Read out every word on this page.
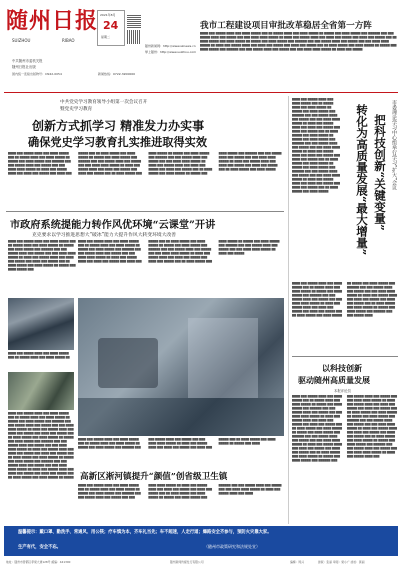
随州日报
SUIZHOU	RIBAO
中共随州市委机关报
随州日报社出版
国内统一连续出版物号：CN42-0054
2021年8月
24
星期二
随州新闻网：http://www.sznews.cn
掌上随州：http://www.suizhou.com
新闻热线：0722-3200000
我市工程建设项目审批改革稳居全省第一方阵

▇▇▇▇ ▇▇▇ ▇▇▇▇▇ ▇▇▇▇ ▇▇▇ ▇▇▇▇ ▇▇▇▇▇ ▇▇▇ ▇▇ ▇▇▇▇▇ ▇▇▇▇ ▇▇▇ ▇▇▇▇ ▇▇▇▇▇ ▇▇ ▇▇▇▇▇ ▇▇▇ ▇▇▇▇ ▇▇▇▇▇ ▇▇▇ ▇▇▇▇▇▇ ▇▇▇ ▇▇▇ ▇▇▇▇▇ ▇▇▇▇ ▇▇▇ ▇▇▇▇▇ ▇▇▇ ▇▇▇ ▇▇▇▇ ▇▇▇▇ ▇▇▇▇▇ ▇▇ ▇▇▇▇ ▇▇▇ ▇▇▇▇▇ ▇▇▇▇ ▇▇▇ ▇▇▇▇ ▇▇▇ ▇▇▇▇▇ ▇▇▇ ▇▇▇▇ ▇▇▇ ▇▇▇▇▇ ▇▇▇ ▇▇ ▇▇▇▇ ▇▇▇▇▇ ▇▇▇ ▇▇▇▇ ▇▇▇▇▇ ▇▇ ▇▇▇▇▇ ▇▇▇ ▇▇▇▇ ▇▇▇▇▇ ▇▇▇ ▇▇▇▇▇▇ ▇▇▇ ▇▇▇ ▇▇▇▇▇ ▇▇▇▇ ▇▇▇ ▇▇▇▇▇ ▇▇▇ ▇▇▇ ▇▇▇▇ ▇▇▇▇ ▇▇▇▇▇ ▇▇ ▇▇▇▇ ▇▇▇ ▇▇▇▇▇ ▇▇▇▇ ▇▇▇ ▇▇▇▇ ▇▇▇ ▇▇▇▇▇ ▇▇▇ ▇▇▇▇ ▇▇▇ ▇▇▇▇▇ ▇▇▇ ▇▇ ▇▇▇▇ ▇▇▇▇▇ ▇▇▇ ▇▇▇▇ ▇▇▇▇▇ ▇▇ ▇▇▇▇▇ ▇▇▇ ▇▇▇▇ ▇▇▇▇▇ ▇▇▇ ▇▇▇▇▇▇ ▇▇▇ ▇▇▇ ▇▇▇▇▇ ▇▇▇▇ ▇▇▇ ▇▇▇▇▇ ▇▇▇ ▇▇▇ ▇▇▇▇ ▇▇▇▇ ▇▇▇▇▇ ▇▇ ▇▇▇▇ ▇▇▇ ▇▇▇▇▇

中共党史学习教育领导小组第一次会议召开
暨党史学习教育
创新方式抓学习 精准发力办实事
确保党史学习教育扎实推进取得实效

▇▇▇▇ ▇▇▇ ▇▇▇▇▇ ▇▇▇▇ ▇▇▇ ▇▇▇▇ ▇▇▇▇▇ ▇▇▇ ▇▇ ▇▇▇▇▇ ▇▇▇▇ ▇▇▇ ▇▇▇▇ ▇▇▇▇▇ ▇▇ ▇▇▇▇▇ ▇▇▇ ▇▇▇▇ ▇▇▇▇▇ ▇▇▇ ▇▇▇▇▇▇ ▇▇▇ ▇▇▇ ▇▇▇▇▇ ▇▇▇▇ ▇▇▇ ▇▇▇▇▇ ▇▇▇ ▇▇▇ ▇▇▇▇ ▇▇▇▇ ▇▇▇▇▇ ▇▇ ▇▇▇▇ ▇▇▇ ▇▇▇▇▇ ▇▇▇▇ ▇▇▇ ▇▇▇▇ ▇▇▇ ▇▇▇▇▇ ▇▇▇ ▇▇▇▇ ▇▇▇ ▇▇▇▇▇ ▇▇▇ ▇▇ ▇▇▇▇ ▇▇▇▇▇ ▇▇▇ ▇▇▇▇ ▇▇▇▇▇ ▇▇ ▇▇▇▇▇ ▇▇▇ ▇▇▇▇ ▇▇▇▇▇ ▇▇▇ ▇▇▇▇▇▇ ▇▇▇ ▇▇▇ ▇▇▇▇▇ ▇▇▇▇ ▇▇▇ ▇▇▇▇▇ ▇▇▇ ▇▇▇ ▇▇▇▇ ▇▇▇▇ ▇▇▇▇▇ ▇▇ ▇▇▇▇ ▇▇▇ ▇▇▇▇▇ ▇▇▇▇ ▇▇▇ ▇▇▇▇ ▇▇▇ ▇▇▇▇▇ ▇▇▇ ▇▇▇▇ ▇▇▇ ▇▇▇▇▇ ▇▇▇ ▇▇ ▇▇▇▇ ▇▇▇▇▇ ▇▇▇ ▇▇▇▇ ▇▇▇▇▇ ▇▇ ▇▇▇▇▇ ▇▇▇ ▇▇▇▇ ▇▇▇▇▇ ▇▇▇ ▇▇▇▇▇▇ ▇▇▇ ▇▇▇ ▇▇▇▇▇ ▇▇▇▇ ▇▇▇ ▇▇▇▇▇ ▇▇▇ ▇▇▇ ▇▇▇▇ ▇▇▇▇ ▇▇▇▇▇ ▇▇ ▇▇▇▇ ▇▇▇ ▇▇▇▇▇ ▇▇▇▇ ▇▇▇ ▇▇▇▇ ▇▇▇ ▇▇▇▇▇ ▇▇▇ ▇▇▇▇ ▇▇▇ ▇▇▇▇▇ ▇▇▇ ▇▇ ▇▇▇▇ ▇▇▇▇▇ ▇▇▇ ▇▇▇▇ ▇▇▇▇▇ ▇▇ ▇▇▇▇▇ ▇▇▇ ▇▇▇▇ ▇▇▇▇▇ ▇▇▇ ▇▇▇▇▇▇ ▇▇▇ ▇▇▇ ▇▇▇▇▇ ▇▇▇▇ ▇▇▇ ▇▇▇▇▇ ▇▇▇ ▇▇▇ ▇▇▇▇ ▇▇▇▇ ▇▇▇▇▇ ▇▇ ▇▇▇▇ ▇▇▇ ▇▇▇▇▇ ▇▇▇▇ ▇▇▇ ▇▇▇▇ ▇▇▇ ▇▇▇▇▇ ▇▇▇ ▇▇▇▇ ▇▇▇ ▇▇▇▇▇ ▇▇▇ ▇▇ ▇▇▇▇ ▇▇▇▇▇ ▇▇▇ ▇▇▇▇ ▇▇▇▇▇

市政府系统提能力转作风优环境“云课堂”开讲
克克要求以学习推进思想大“破冰”能力大提升作风大转变环境大改善

▇▇▇▇ ▇▇▇ ▇▇▇▇▇ ▇▇▇▇ ▇▇▇ ▇▇▇▇ ▇▇▇▇▇ ▇▇▇ ▇▇ ▇▇▇▇▇ ▇▇▇▇ ▇▇▇ ▇▇▇▇ ▇▇▇▇▇ ▇▇ ▇▇▇▇▇ ▇▇▇ ▇▇▇▇ ▇▇▇▇▇ ▇▇▇ ▇▇▇▇▇▇ ▇▇▇ ▇▇▇ ▇▇▇▇▇ ▇▇▇▇ ▇▇▇ ▇▇▇▇▇ ▇▇▇ ▇▇▇ ▇▇▇▇ ▇▇▇▇ ▇▇▇▇▇ ▇▇ ▇▇▇▇ ▇▇▇ ▇▇▇▇▇ ▇▇▇▇ ▇▇▇ ▇▇▇▇ ▇▇▇ ▇▇▇▇▇ ▇▇▇ ▇▇▇▇ ▇▇▇ ▇▇▇▇▇ ▇▇▇ ▇▇ ▇▇▇▇ ▇▇▇▇▇ ▇▇▇ ▇▇▇▇ ▇▇▇▇▇ ▇▇ ▇▇▇▇▇ ▇▇▇ ▇▇▇▇ ▇▇▇▇▇ ▇▇▇

▇▇▇▇ ▇▇▇ ▇▇▇▇▇ ▇▇▇▇ ▇▇▇ ▇▇▇▇ ▇▇▇▇▇ ▇▇▇ ▇▇ ▇▇▇▇▇ ▇▇▇▇ ▇▇▇ ▇▇▇▇ ▇▇▇▇▇ ▇▇ ▇▇▇▇▇ ▇▇▇ ▇▇▇▇ ▇▇▇▇▇ ▇▇▇ ▇▇▇▇▇▇ ▇▇▇ ▇▇▇ ▇▇▇▇▇ ▇▇▇▇ ▇▇▇ ▇▇▇▇▇ ▇▇▇ ▇▇▇ ▇▇▇▇ ▇▇▇▇ ▇▇▇▇▇ ▇▇ ▇▇▇▇ ▇▇▇ ▇▇▇▇▇ ▇▇▇▇ ▇▇▇ ▇▇▇▇ ▇▇▇ ▇▇▇▇▇ ▇▇▇ ▇▇▇▇ ▇▇▇ ▇▇▇▇▇ ▇▇▇ ▇▇ ▇▇▇▇ ▇▇▇▇▇ ▇▇▇ ▇▇▇▇ ▇▇▇▇▇ ▇▇ ▇▇▇▇▇ ▇▇▇ ▇▇▇▇ ▇▇▇▇▇ ▇▇▇ ▇▇▇▇▇▇ ▇▇▇ ▇▇▇ ▇▇▇▇▇ ▇▇▇▇ ▇▇▇ ▇▇▇▇▇ ▇▇▇ ▇▇▇ ▇▇▇▇ ▇▇▇▇ ▇▇▇▇▇ ▇▇ ▇▇▇▇ ▇▇▇ ▇▇▇▇▇ ▇▇▇▇ ▇▇▇ ▇▇▇▇ ▇▇▇ ▇▇▇▇▇ ▇▇▇ ▇▇▇▇ ▇▇▇ ▇▇▇▇▇ ▇▇▇ ▇▇ ▇▇▇▇ ▇▇▇▇▇ ▇▇▇ ▇▇▇▇ ▇▇▇▇▇ ▇▇ ▇▇▇▇▇ ▇▇▇ ▇▇▇▇ ▇▇▇▇▇ ▇▇▇ ▇▇▇▇▇▇ ▇▇▇ ▇▇▇ ▇▇▇▇▇ ▇▇▇▇ ▇▇▇ ▇▇▇▇▇ ▇▇▇ ▇▇▇ ▇▇▇▇ ▇▇▇▇ ▇▇▇▇▇ ▇▇ ▇▇▇▇ ▇▇▇ ▇▇▇▇▇

▇▇▇▇ ▇▇▇ ▇▇▇▇▇ ▇▇▇▇ ▇▇▇ ▇▇▇▇ ▇▇▇▇▇ ▇▇▇ ▇▇ ▇▇▇▇▇ ▇▇▇▇ ▇▇▇ ▇▇▇▇ ▇▇▇▇▇ ▇▇

▇▇▇▇ ▇▇▇ ▇▇▇▇▇ ▇▇▇▇ ▇▇▇ ▇▇▇▇ ▇▇▇▇▇ ▇▇▇ ▇▇ ▇▇▇▇▇ ▇▇▇▇ ▇▇▇ ▇▇▇▇ ▇▇▇▇▇ ▇▇ ▇▇▇▇▇ ▇▇▇ ▇▇▇▇ ▇▇▇▇▇ ▇▇▇ ▇▇▇▇▇▇ ▇▇▇ ▇▇▇ ▇▇▇▇▇ ▇▇▇▇ ▇▇▇ ▇▇▇▇▇ ▇▇▇ ▇▇▇ ▇▇▇▇ ▇▇▇▇ ▇▇▇▇▇ ▇▇ ▇▇▇▇ ▇▇▇ ▇▇▇▇▇ ▇▇▇▇ ▇▇▇ ▇▇▇▇ ▇▇▇ ▇▇▇▇▇ ▇▇▇ ▇▇▇▇ ▇▇▇ ▇▇▇▇▇ ▇▇▇ ▇▇ ▇▇▇▇ ▇▇▇▇▇ ▇▇▇ ▇▇▇▇ ▇▇▇▇▇ ▇▇ ▇▇▇▇▇ ▇▇▇ ▇▇▇▇ ▇▇▇▇▇ ▇▇▇ ▇▇▇▇▇▇ ▇▇▇ ▇▇▇ ▇▇▇▇▇ ▇▇▇▇ ▇▇▇ ▇▇▇▇▇ ▇▇▇ ▇▇▇ ▇▇▇▇ ▇▇▇▇ ▇▇▇▇▇ ▇▇ ▇▇▇▇ ▇▇▇ ▇▇▇▇▇ ▇▇▇▇ ▇▇▇ ▇▇▇▇ ▇▇▇ ▇▇▇▇▇ ▇▇▇ ▇▇▇▇ ▇▇▇ ▇▇▇▇▇ ▇▇▇ ▇▇ ▇▇▇▇ ▇▇▇▇▇ ▇▇▇ ▇▇▇▇ ▇▇▇▇▇ ▇▇ ▇▇▇▇▇ ▇▇▇ ▇▇▇▇ ▇▇▇▇▇ ▇▇▇ ▇▇▇▇▇▇ ▇▇▇ ▇▇▇ ▇▇▇▇▇ ▇▇▇▇ ▇▇▇ ▇▇▇▇▇ ▇▇▇ ▇▇▇ ▇▇▇▇ ▇▇▇▇ ▇▇▇▇▇ ▇▇ ▇▇▇▇ ▇▇▇ ▇▇▇▇▇ ▇▇▇▇ ▇▇▇ ▇▇▇▇ ▇▇▇ ▇▇▇▇▇ ▇▇▇ ▇▇▇▇ ▇▇▇ ▇▇▇▇▇ ▇▇▇ ▇▇ ▇▇▇▇ ▇▇▇▇▇ ▇▇▇ ▇▇▇▇ ▇▇▇▇▇ ▇▇ ▇▇▇▇▇

▇▇▇▇ ▇▇▇ ▇▇▇▇▇ ▇▇▇▇ ▇▇▇ ▇▇▇▇ ▇▇▇▇▇ ▇▇▇ ▇▇ ▇▇▇▇▇ ▇▇▇▇ ▇▇▇ ▇▇▇▇ ▇▇▇▇▇ ▇▇ ▇▇▇▇▇ ▇▇▇ ▇▇▇▇ ▇▇▇▇▇ ▇▇▇ ▇▇▇▇▇▇ ▇▇▇ ▇▇▇ ▇▇▇▇▇ ▇▇▇▇ ▇▇▇ ▇▇▇▇▇ ▇▇▇ ▇▇▇ ▇▇▇▇ ▇▇▇▇ ▇▇▇▇▇ ▇▇ ▇▇▇▇ ▇▇▇ ▇▇▇▇▇ ▇▇▇▇ ▇▇▇ ▇▇▇▇ ▇▇▇ ▇▇▇▇▇ ▇▇▇ ▇▇▇▇ ▇▇▇ ▇▇▇▇▇ ▇▇▇ ▇▇ ▇▇▇▇ ▇▇▇▇▇ ▇▇▇ ▇▇▇▇ ▇▇▇▇▇ ▇▇ ▇▇▇▇▇ ▇▇▇ ▇▇▇▇

高新区淅河镇提升“颜值”创省级卫生镇

▇▇▇▇ ▇▇▇ ▇▇▇▇▇ ▇▇▇▇ ▇▇▇ ▇▇▇▇ ▇▇▇▇▇ ▇▇▇ ▇▇ ▇▇▇▇▇ ▇▇▇▇ ▇▇▇ ▇▇▇▇ ▇▇▇▇▇ ▇▇ ▇▇▇▇▇ ▇▇▇ ▇▇▇▇ ▇▇▇▇▇ ▇▇▇ ▇▇▇▇▇▇ ▇▇▇ ▇▇▇ ▇▇▇▇▇ ▇▇▇▇ ▇▇▇ ▇▇▇▇▇ ▇▇▇ ▇▇▇ ▇▇▇▇ ▇▇▇▇ ▇▇▇▇▇ ▇▇ ▇▇▇▇ ▇▇▇ ▇▇▇▇▇ ▇▇▇▇ ▇▇▇ ▇▇▇▇ ▇▇▇ ▇▇▇▇▇ ▇▇▇ ▇▇▇▇ ▇▇▇ ▇▇▇▇▇ ▇▇▇ ▇▇ ▇▇▇▇ ▇▇▇▇▇ ▇▇▇ ▇▇▇▇ ▇▇▇▇▇ ▇▇ ▇▇▇▇▇ ▇▇▇ ▇▇▇▇ ▇▇▇▇▇ ▇▇▇ ▇▇▇▇▇▇ ▇▇▇ ▇▇▇ ▇▇▇▇▇ ▇▇▇▇ ▇▇▇ ▇▇▇▇▇ ▇▇▇ ▇▇▇ ▇▇▇▇ ▇▇▇▇ ▇▇▇▇▇ ▇▇ ▇▇▇▇ ▇▇▇ ▇▇▇▇▇ ▇▇▇▇ ▇▇▇ ▇▇▇▇

▇▇▇▇ ▇▇▇ ▇▇▇▇▇ ▇▇▇▇ ▇▇▇ ▇▇▇▇ ▇▇▇▇▇ ▇▇▇ ▇▇ ▇▇▇▇▇ ▇▇▇▇ ▇▇▇ ▇▇▇▇ ▇▇▇▇▇ ▇▇ ▇▇▇▇▇ ▇▇▇ ▇▇▇▇ ▇▇▇▇▇ ▇▇▇ ▇▇▇▇▇▇ ▇▇▇ ▇▇▇ ▇▇▇▇▇ ▇▇▇▇ ▇▇▇ ▇▇▇▇▇ ▇▇▇ ▇▇▇ ▇▇▇▇ ▇▇▇▇ ▇▇▇▇▇ ▇▇ ▇▇▇▇ ▇▇▇ ▇▇▇▇▇ ▇▇▇▇ ▇▇▇ ▇▇▇▇ ▇▇▇ ▇▇▇▇▇ ▇▇▇ ▇▇▇▇ ▇▇▇ ▇▇▇▇▇ ▇▇▇ ▇▇ ▇▇▇▇ ▇▇▇▇▇ ▇▇▇ ▇▇▇▇ ▇▇▇▇▇ ▇▇ ▇▇▇▇▇ ▇▇▇ ▇▇▇▇ ▇▇▇▇▇ ▇▇▇ ▇▇▇▇▇▇ ▇▇▇ ▇▇▇ ▇▇▇▇▇ ▇▇▇▇ ▇▇▇ ▇▇▇▇▇ ▇▇▇ ▇▇▇ ▇▇▇▇ ▇▇▇▇ ▇▇▇▇▇ ▇▇ ▇▇▇▇ ▇▇▇ ▇▇▇▇▇ ▇▇▇▇ ▇▇▇ ▇▇▇▇ ▇▇▇ ▇▇▇▇▇ ▇▇▇ ▇▇▇▇ ▇▇▇ ▇▇▇▇▇ ▇▇▇ ▇▇ ▇▇▇▇ ▇▇▇▇▇ ▇▇▇ ▇▇▇▇ ▇▇▇▇▇ ▇▇ ▇▇▇▇▇ ▇▇▇ ▇▇▇▇ ▇▇▇▇▇ ▇▇▇ ▇▇▇▇▇▇ ▇▇▇ ▇▇▇ ▇▇▇▇▇ ▇▇▇▇ ▇▇▇ ▇▇▇▇▇ ▇▇▇ ▇▇▇ ▇▇▇▇ ▇▇▇▇ ▇▇▇▇▇ ▇▇ ▇▇▇▇ ▇▇▇ ▇▇▇▇▇ ▇▇▇▇ ▇▇▇ ▇▇▇▇ ▇▇▇ ▇▇▇▇▇ ▇▇▇ ▇▇▇▇ ▇▇▇ ▇▇▇▇▇ ▇▇▇ ▇▇ ▇▇▇▇ ▇▇▇▇▇ ▇▇▇ ▇▇▇▇ ▇▇▇▇▇

市委理论学习中心组举行学习“扩大”会议
把科技创新“关键变量”
转化为高质量发展“最大增量”

▇▇▇▇ ▇▇▇ ▇▇▇▇▇ ▇▇▇▇ ▇▇▇ ▇▇▇▇ ▇▇▇▇▇ ▇▇▇ ▇▇ ▇▇▇▇▇ ▇▇▇▇ ▇▇▇ ▇▇▇▇ ▇▇▇▇▇ ▇▇ ▇▇▇▇▇ ▇▇▇ ▇▇▇▇ ▇▇▇▇▇ ▇▇▇ ▇▇▇▇▇▇ ▇▇▇ ▇▇▇ ▇▇▇▇▇ ▇▇▇▇ ▇▇▇ ▇▇▇▇▇ ▇▇▇ ▇▇▇ ▇▇▇▇ ▇▇▇▇ ▇▇▇▇▇ ▇▇ ▇▇▇▇ ▇▇▇ ▇▇▇▇▇ ▇▇▇▇ ▇▇▇ ▇▇▇▇ ▇▇▇ ▇▇▇▇▇ ▇▇▇ ▇▇▇▇ ▇▇▇ ▇▇▇▇▇ ▇▇▇ ▇▇ ▇▇▇▇ ▇▇▇▇▇ ▇▇▇ ▇▇▇▇ ▇▇▇▇▇ ▇▇ ▇▇▇▇▇ ▇▇▇ ▇▇▇▇ ▇▇▇▇▇ ▇▇▇ ▇▇▇▇▇▇ ▇▇▇ ▇▇▇ ▇▇▇▇▇ ▇▇▇▇ ▇▇▇ ▇▇▇▇▇ ▇▇▇ ▇▇▇ ▇▇▇▇ ▇▇▇▇ ▇▇▇▇▇ ▇▇ ▇▇▇▇ ▇▇▇ ▇▇▇▇▇ ▇▇▇▇ ▇▇▇ ▇▇▇▇ ▇▇▇ ▇▇▇▇▇ ▇▇▇ ▇▇▇▇ ▇▇▇ ▇▇▇▇▇ ▇▇▇ ▇▇ ▇▇▇▇ ▇▇▇▇▇ ▇▇▇ ▇▇▇▇ ▇▇▇▇▇ ▇▇ ▇▇▇▇▇ ▇▇▇ ▇▇▇▇ ▇▇▇▇▇ ▇▇▇ ▇▇▇▇▇▇ ▇▇▇ ▇▇▇ ▇▇▇▇▇ ▇▇▇▇

以科技创新
驱动随州高质量发展
本报评论员

▇▇▇▇ ▇▇▇ ▇▇▇▇▇ ▇▇▇▇ ▇▇▇ ▇▇▇▇ ▇▇▇▇▇ ▇▇▇ ▇▇ ▇▇▇▇▇ ▇▇▇▇ ▇▇▇ ▇▇▇▇ ▇▇▇▇▇ ▇▇ ▇▇▇▇▇ ▇▇▇ ▇▇▇▇ ▇▇▇▇▇ ▇▇▇ ▇▇▇▇▇▇ ▇▇▇ ▇▇▇ ▇▇▇▇▇ ▇▇▇▇ ▇▇▇ ▇▇▇▇▇ ▇▇▇ ▇▇▇ ▇▇▇▇ ▇▇▇▇ ▇▇▇▇▇ ▇▇ ▇▇▇▇ ▇▇▇ ▇▇▇▇▇ ▇▇▇▇ ▇▇▇ ▇▇▇▇ ▇▇▇ ▇▇▇▇▇ ▇▇▇ ▇▇▇▇ ▇▇▇ ▇▇▇▇▇ ▇▇▇ ▇▇ ▇▇▇▇ ▇▇▇▇▇ ▇▇▇ ▇▇▇▇ ▇▇▇▇▇ ▇▇ ▇▇▇▇▇ ▇▇▇ ▇▇▇▇ ▇▇▇▇▇ ▇▇▇ ▇▇▇▇▇▇ ▇▇▇ ▇▇▇ ▇▇▇▇▇ ▇▇▇▇ ▇▇▇ ▇▇▇▇▇ ▇▇▇ ▇▇▇ ▇▇▇▇ ▇▇▇▇ ▇▇▇▇▇ ▇▇ ▇▇▇▇ ▇▇▇ ▇▇▇▇▇ ▇▇▇▇ ▇▇▇ ▇▇▇▇ ▇▇▇ ▇▇▇▇▇ ▇▇▇ ▇▇▇▇ ▇▇▇ ▇▇▇▇▇ ▇▇▇ ▇▇ ▇▇▇▇ ▇▇▇▇▇ ▇▇▇ ▇▇▇▇ ▇▇▇▇▇ ▇▇ ▇▇▇▇▇ ▇▇▇ ▇▇▇▇ ▇▇▇▇▇ ▇▇▇ ▇▇▇▇▇▇ ▇▇▇ ▇▇▇ ▇▇▇▇▇ ▇▇▇▇ ▇▇▇ ▇▇▇▇▇ ▇▇▇ ▇▇▇ ▇▇▇▇ ▇▇▇▇ ▇▇▇▇▇ ▇▇ ▇▇▇▇ ▇▇▇ ▇▇▇▇▇ ▇▇▇▇ ▇▇▇ ▇▇▇▇ ▇▇▇ ▇▇▇▇▇ ▇▇▇ ▇▇▇▇ ▇▇▇ ▇▇▇▇▇ ▇▇▇ ▇▇ ▇▇▇▇ ▇▇▇▇▇ ▇▇▇ ▇▇▇▇ ▇▇▇▇▇ ▇▇ ▇▇▇▇▇ ▇▇▇ ▇▇▇▇ ▇▇▇▇▇ ▇▇▇ ▇▇▇▇▇▇ ▇▇▇ ▇▇▇ ▇▇▇▇▇ ▇▇▇▇ ▇▇▇ ▇▇▇▇▇ ▇▇▇ ▇▇▇ ▇▇▇▇ ▇▇▇▇ ▇▇▇▇▇ ▇▇ ▇▇▇▇ ▇▇▇ ▇▇▇▇▇ ▇▇▇▇ ▇▇▇ ▇▇▇▇ ▇▇▇ ▇▇▇▇▇ ▇▇▇ ▇▇▇▇ ▇▇▇ ▇▇▇▇▇ ▇▇▇ ▇▇ ▇▇▇▇ ▇▇▇▇▇ ▇▇▇ ▇▇▇▇ ▇▇▇▇▇ ▇▇ ▇▇▇▇▇ ▇▇▇ ▇▇▇▇ ▇▇▇▇▇ ▇▇▇ ▇▇▇▇▇▇ ▇▇▇ ▇▇▇ ▇▇▇▇▇ ▇▇▇▇ ▇▇▇ ▇▇▇▇▇ ▇▇▇ ▇▇▇ ▇▇▇▇ ▇▇▇▇ ▇▇▇▇▇ ▇▇ ▇▇▇▇ ▇▇▇ ▇▇▇▇▇ ▇▇▇▇ ▇▇▇

温馨提示：戴口罩、勤洗手、常通风、用公筷；疗车慎为本，齐车礼当先；车不超速，人走行道；爆路安全齐参与，预防火灾靠大家。
生产有代，安全不忘。	（随州市政策研究和法规处宣）
地址：随州市曾都区季梁大道128号 邮编：441300	随州新闻传媒发行有限公司	编辑：周兴	排版：张丽 审阅：梁小广 质检：黄丽
